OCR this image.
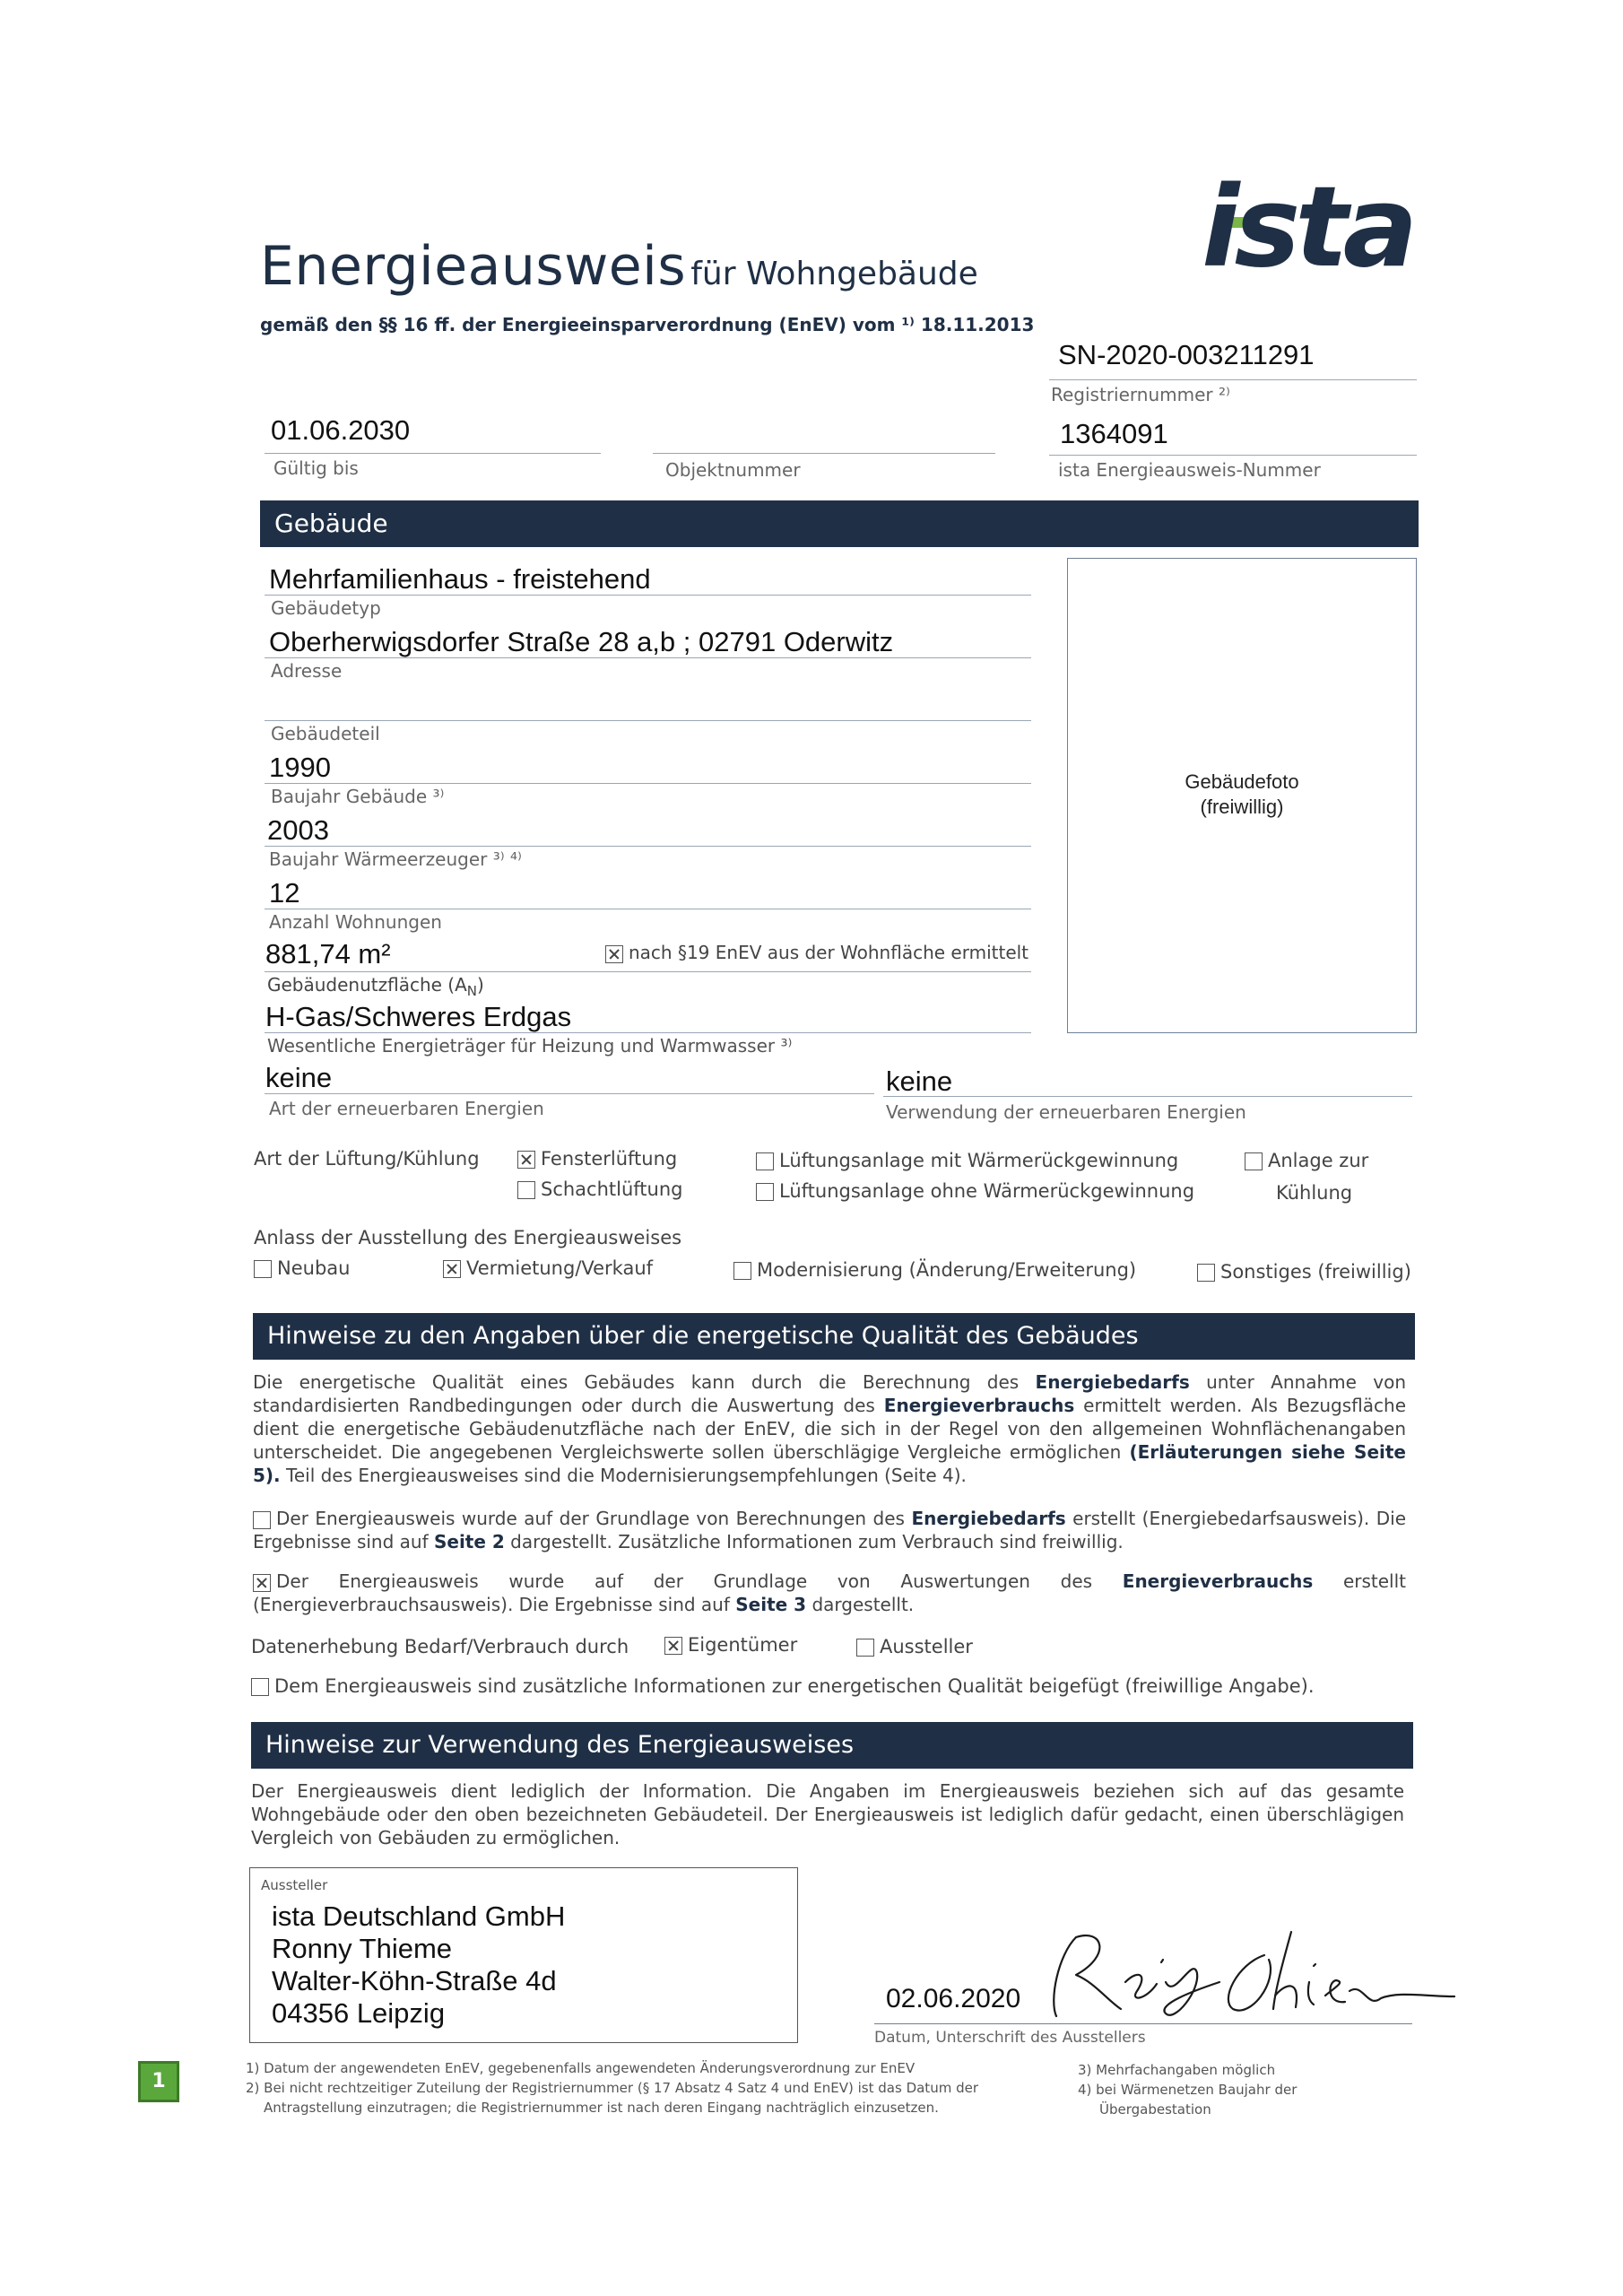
Energieausweis für Wohngebäude
gemäß den §§ 16 ff. der Energieeinsparverordnung (EnEV) vom ¹⁾ 18.11.2013
ista
SN-2020-003211291
Registriernummer ²⁾
01.06.2030
Gültig bis	Objektnummer
1364091
ista Energieausweis-Nummer
Gebäude
Gebäudefoto
(freiwillig)
Mehrfamilienhaus - freistehend
Gebäudetyp
Oberherwigsdorfer Straße 28 a,b ; 02791 Oderwitz
Adresse
Gebäudeteil
1990
Baujahr Gebäude ³⁾
2003
Baujahr Wärmeerzeuger ³⁾ ⁴⁾
12
Anzahl Wohnungen
881,74 m²	nach §19 EnEV aus der Wohnfläche ermittelt
Gebäudenutzfläche $(A_N)$
H-Gas/Schweres Erdgas
Wesentliche Energieträger für Heizung und Warmwasser ³⁾
keine
Art der erneuerbaren Energien
keine
Verwendung der erneuerbaren Energien
Art der Lüftung/Kühlung	Fensterlüftung
Schachtlüftung
Lüftungsanlage mit Wärmerückgewinnung
Lüftungsanlage ohne Wärmerückgewinnung
Anlage zur
Kühlung
Anlass der Ausstellung des Energieausweises
Neubau	Vermietung/Verkauf	Modernisierung (Änderung/Erweiterung)	Sonstiges (freiwillig)
Hinweise zu den Angaben über die energetische Qualität des Gebäudes
Die energetische Qualität eines Gebäudes kann durch die Berechnung des Energiebedarfs unter Annahme von standardisierten Randbedingungen oder durch die Auswertung des Energieverbrauchs ermittelt werden. Als Bezugsfläche dient die energetische Gebäudenutzfläche nach der EnEV, die sich in der Regel von den allgemeinen Wohnflächenangaben unterscheidet. Die angegebenen Vergleichswerte sollen überschlägige Vergleiche ermöglichen (Erläuterungen siehe Seite 5). Teil des Energieausweises sind die Modernisierungsempfehlungen (Seite 4).
Der Energieausweis wurde auf der Grundlage von Berechnungen des Energiebedarfs erstellt (Energiebedarfsausweis). Die Ergebnisse sind auf Seite 2 dargestellt. Zusätzliche Informationen zum Verbrauch sind freiwillig.
Der Energieausweis wurde auf der Grundlage von Auswertungen des Energieverbrauchs erstellt (Energieverbrauchsausweis). Die Ergebnisse sind auf Seite 3 dargestellt.
Datenerhebung Bedarf/Verbrauch durch	Eigentümer	Aussteller
Dem Energieausweis sind zusätzliche Informationen zur energetischen Qualität beigefügt (freiwillige Angabe).
Hinweise zur Verwendung des Energieausweises
Der Energieausweis dient lediglich der Information. Die Angaben im Energieausweis beziehen sich auf das gesamte Wohngebäude oder den oben bezeichneten Gebäudeteil. Der Energieausweis ist lediglich dafür gedacht, einen überschlägigen Vergleich von Gebäuden zu ermöglichen.
Aussteller
ista Deutschland GmbH
Ronny Thieme
Walter-Köhn-Straße 4d
04356 Leipzig	02.06.2020
Datum, Unterschrift des Ausstellers
1
1) Datum der angewendeten EnEV, gegebenenfalls angewendeten Änderungsverordnung zur EnEV
2) Bei nicht rechtzeitiger Zuteilung der Registriernummer (§ 17 Absatz 4 Satz 4 und EnEV) ist das Datum der
Antragstellung einzutragen; die Registriernummer ist nach deren Eingang nachträglich einzusetzen.
3) Mehrfachangaben möglich
4) bei Wärmenetzen Baujahr der
Übergabestation
